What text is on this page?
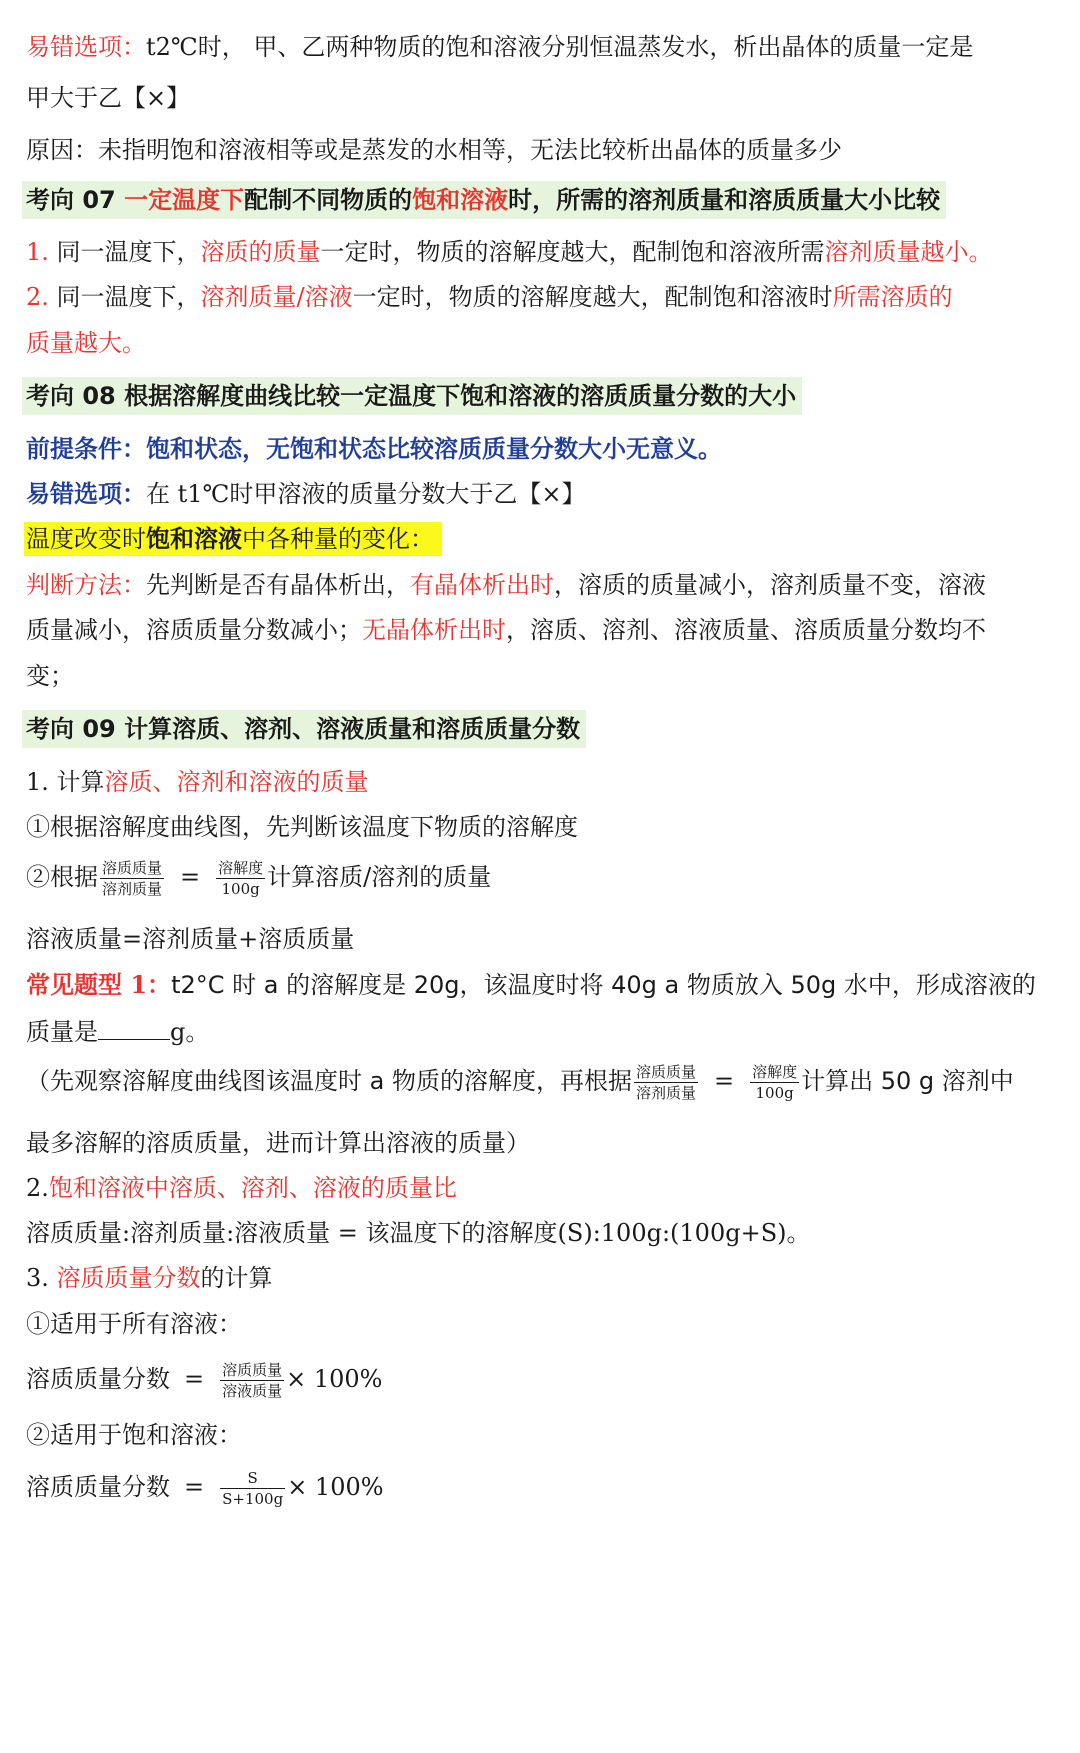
易错选项：t2℃时， 甲、乙两种物质的饱和溶液分别恒温蒸发水，析出晶体的质量一定是
甲大于乙【×】
原因：未指明饱和溶液相等或是蒸发的水相等，无法比较析出晶体的质量多少
考向 07 一定温度下配制不同物质的饱和溶液时，所需的溶剂质量和溶质质量大小比较
1. 同一温度下，溶质的质量一定时，物质的溶解度越大，配制饱和溶液所需溶剂质量越小。
2. 同一温度下，溶剂质量/溶液一定时，物质的溶解度越大，配制饱和溶液时所需溶质的
质量越大。
考向 08 根据溶解度曲线比较一定温度下饱和溶液的溶质质量分数的大小
前提条件：饱和状态，无饱和状态比较溶质质量分数大小无意义。
易错选项：在 t1℃时甲溶液的质量分数大于乙【×】
温度改变时饱和溶液中各种量的变化：
判断方法：先判断是否有晶体析出，有晶体析出时，溶质的质量减小，溶剂质量不变，溶液
质量减小，溶质质量分数减小；无晶体析出时，溶质、溶剂、溶液质量、溶质质量分数均不
变；
考向 09 计算溶质、溶剂、溶液质量和溶质质量分数
1. 计算溶质、溶剂和溶液的质量
①根据溶解度曲线图，先判断该温度下物质的溶解度
②根据 $\frac{\text{溶质质量}}{\text{溶剂质量}} = \frac{\text{溶解度}}{100g}$ 计算溶质/溶剂的质量
溶液质量=溶剂质量+溶质质量
常见题型 1：t2°C 时 a 的溶解度是 20g，该温度时将 40g a 物质放入 50g 水中，形成溶液的
质量是	g。
（先观察溶解度曲线图该温度时 a 物质的溶解度，再根据 $\frac{\text{溶质质量}}{\text{溶剂质量}} = \frac{\text{溶解度}}{100g}$ 计算出 50 g 溶剂中
最多溶解的溶质质量，进而计算出溶液的质量）
2.饱和溶液中溶质、溶剂、溶液的质量比
溶质质量:溶剂质量:溶液质量 = 该温度下的溶解度(S):100g:(100g+S)。
3. 溶质质量分数的计算
①适用于所有溶液：
溶质质量分数 = $\frac{\text{溶质质量}}{\text{溶液质量}} \times 100\%$
②适用于饱和溶液：
溶质质量分数 = $\frac{S}{S+100g} \times 100\%$
